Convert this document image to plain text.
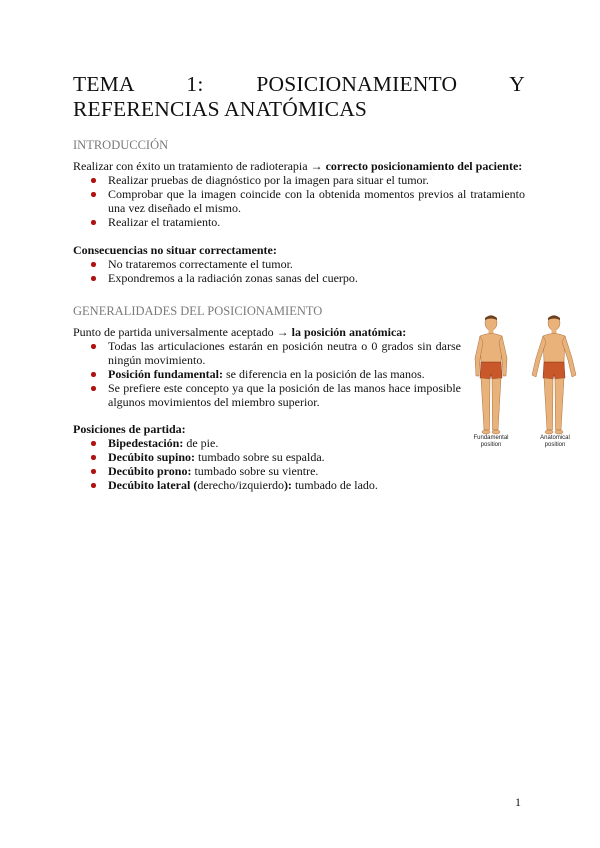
TEMA 1: POSICIONAMIENTO Y REFERENCIAS ANATÓMICAS
INTRODUCCIÓN

Realizar con éxito un tratamiento de radioterapia → correcto posicionamiento del paciente:

Realizar pruebas de diagnóstico por la imagen para situar el tumor.
Comprobar que la imagen coincide con la obtenida momentos previos al tratamiento una vez diseñado el mismo.
Realizar el tratamiento.

Consecuencias no situar correctamente:

No trataremos correctamente el tumor.
Expondremos a la radiación zonas sanas del cuerpo.
GENERALIDADES DEL POSICIONAMIENTO

Punto de partida universalmente aceptado → la posición anatómica:

Todas las articulaciones estarán en posición neutra o 0 grados sin darse ningún movimiento.
Posición fundamental: se diferencia en la posición de las manos.
Se prefiere este concepto ya que la posición de las manos hace imposible algunos movimientos del miembro superior.

Posiciones de partida:

Bipedestación: de pie.
Decúbito supino: tumbado sobre su espalda.
Decúbito prono: tumbado sobre su vientre.
Decúbito lateral (derecho/izquierdo): tumbado de lado.
Fundamental position
Anatomical position
1
